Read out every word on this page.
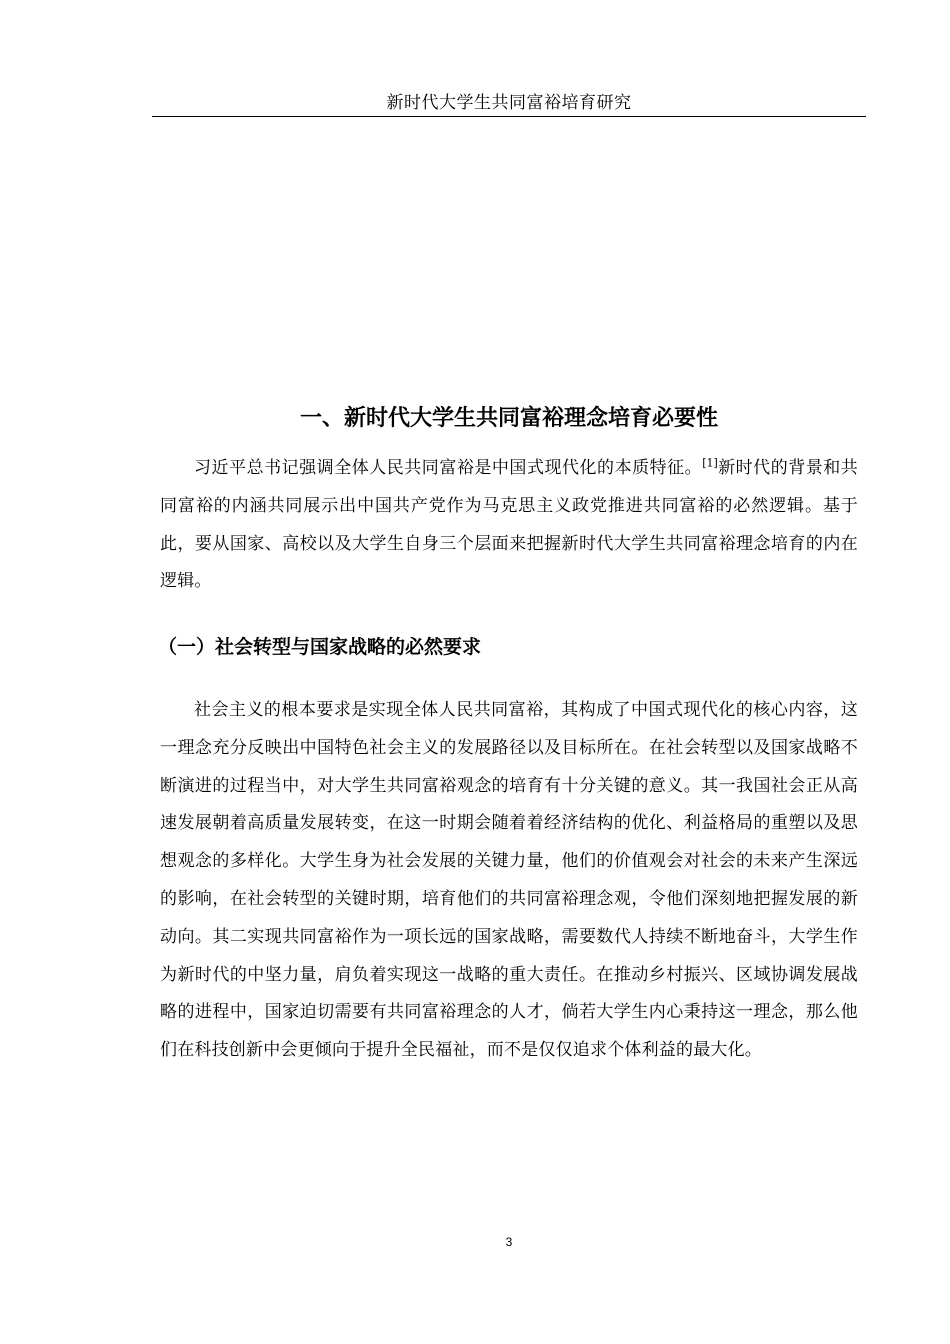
新时代大学生共同富裕培育研究
一、新时代大学生共同富裕理念培育必要性

习近平总书记强调全体人民共同富裕是中国式现代化的本质特征。[1]新时代的背景和共同富裕的内涵共同展示出中国共产党作为马克思主义政党推进共同富裕的必然逻辑。基于此，要从国家、高校以及大学生自身三个层面来把握新时代大学生共同富裕理念培育的内在逻辑。

（一）社会转型与国家战略的必然要求

社会主义的根本要求是实现全体人民共同富裕，其构成了中国式现代化的核心内容，这一理念充分反映出中国特色社会主义的发展路径以及目标所在。在社会转型以及国家战略不断演进的过程当中，对大学生共同富裕观念的培育有十分关键的意义。其一我国社会正从高速发展朝着高质量发展转变，在这一时期会随着着经济结构的优化、利益格局的重塑以及思想观念的多样化。大学生身为社会发展的关键力量，他们的价值观会对社会的未来产生深远的影响，在社会转型的关键时期，培育他们的共同富裕理念观，令他们深刻地把握发展的新动向。其二实现共同富裕作为一项长远的国家战略，需要数代人持续不断地奋斗，大学生作为新时代的中坚力量，肩负着实现这一战略的重大责任。在推动乡村振兴、区域协调发展战略的进程中，国家迫切需要有共同富裕理念的人才，倘若大学生内心秉持这一理念，那么他们在科技创新中会更倾向于提升全民福祉，而不是仅仅追求个体利益的最大化。

3
